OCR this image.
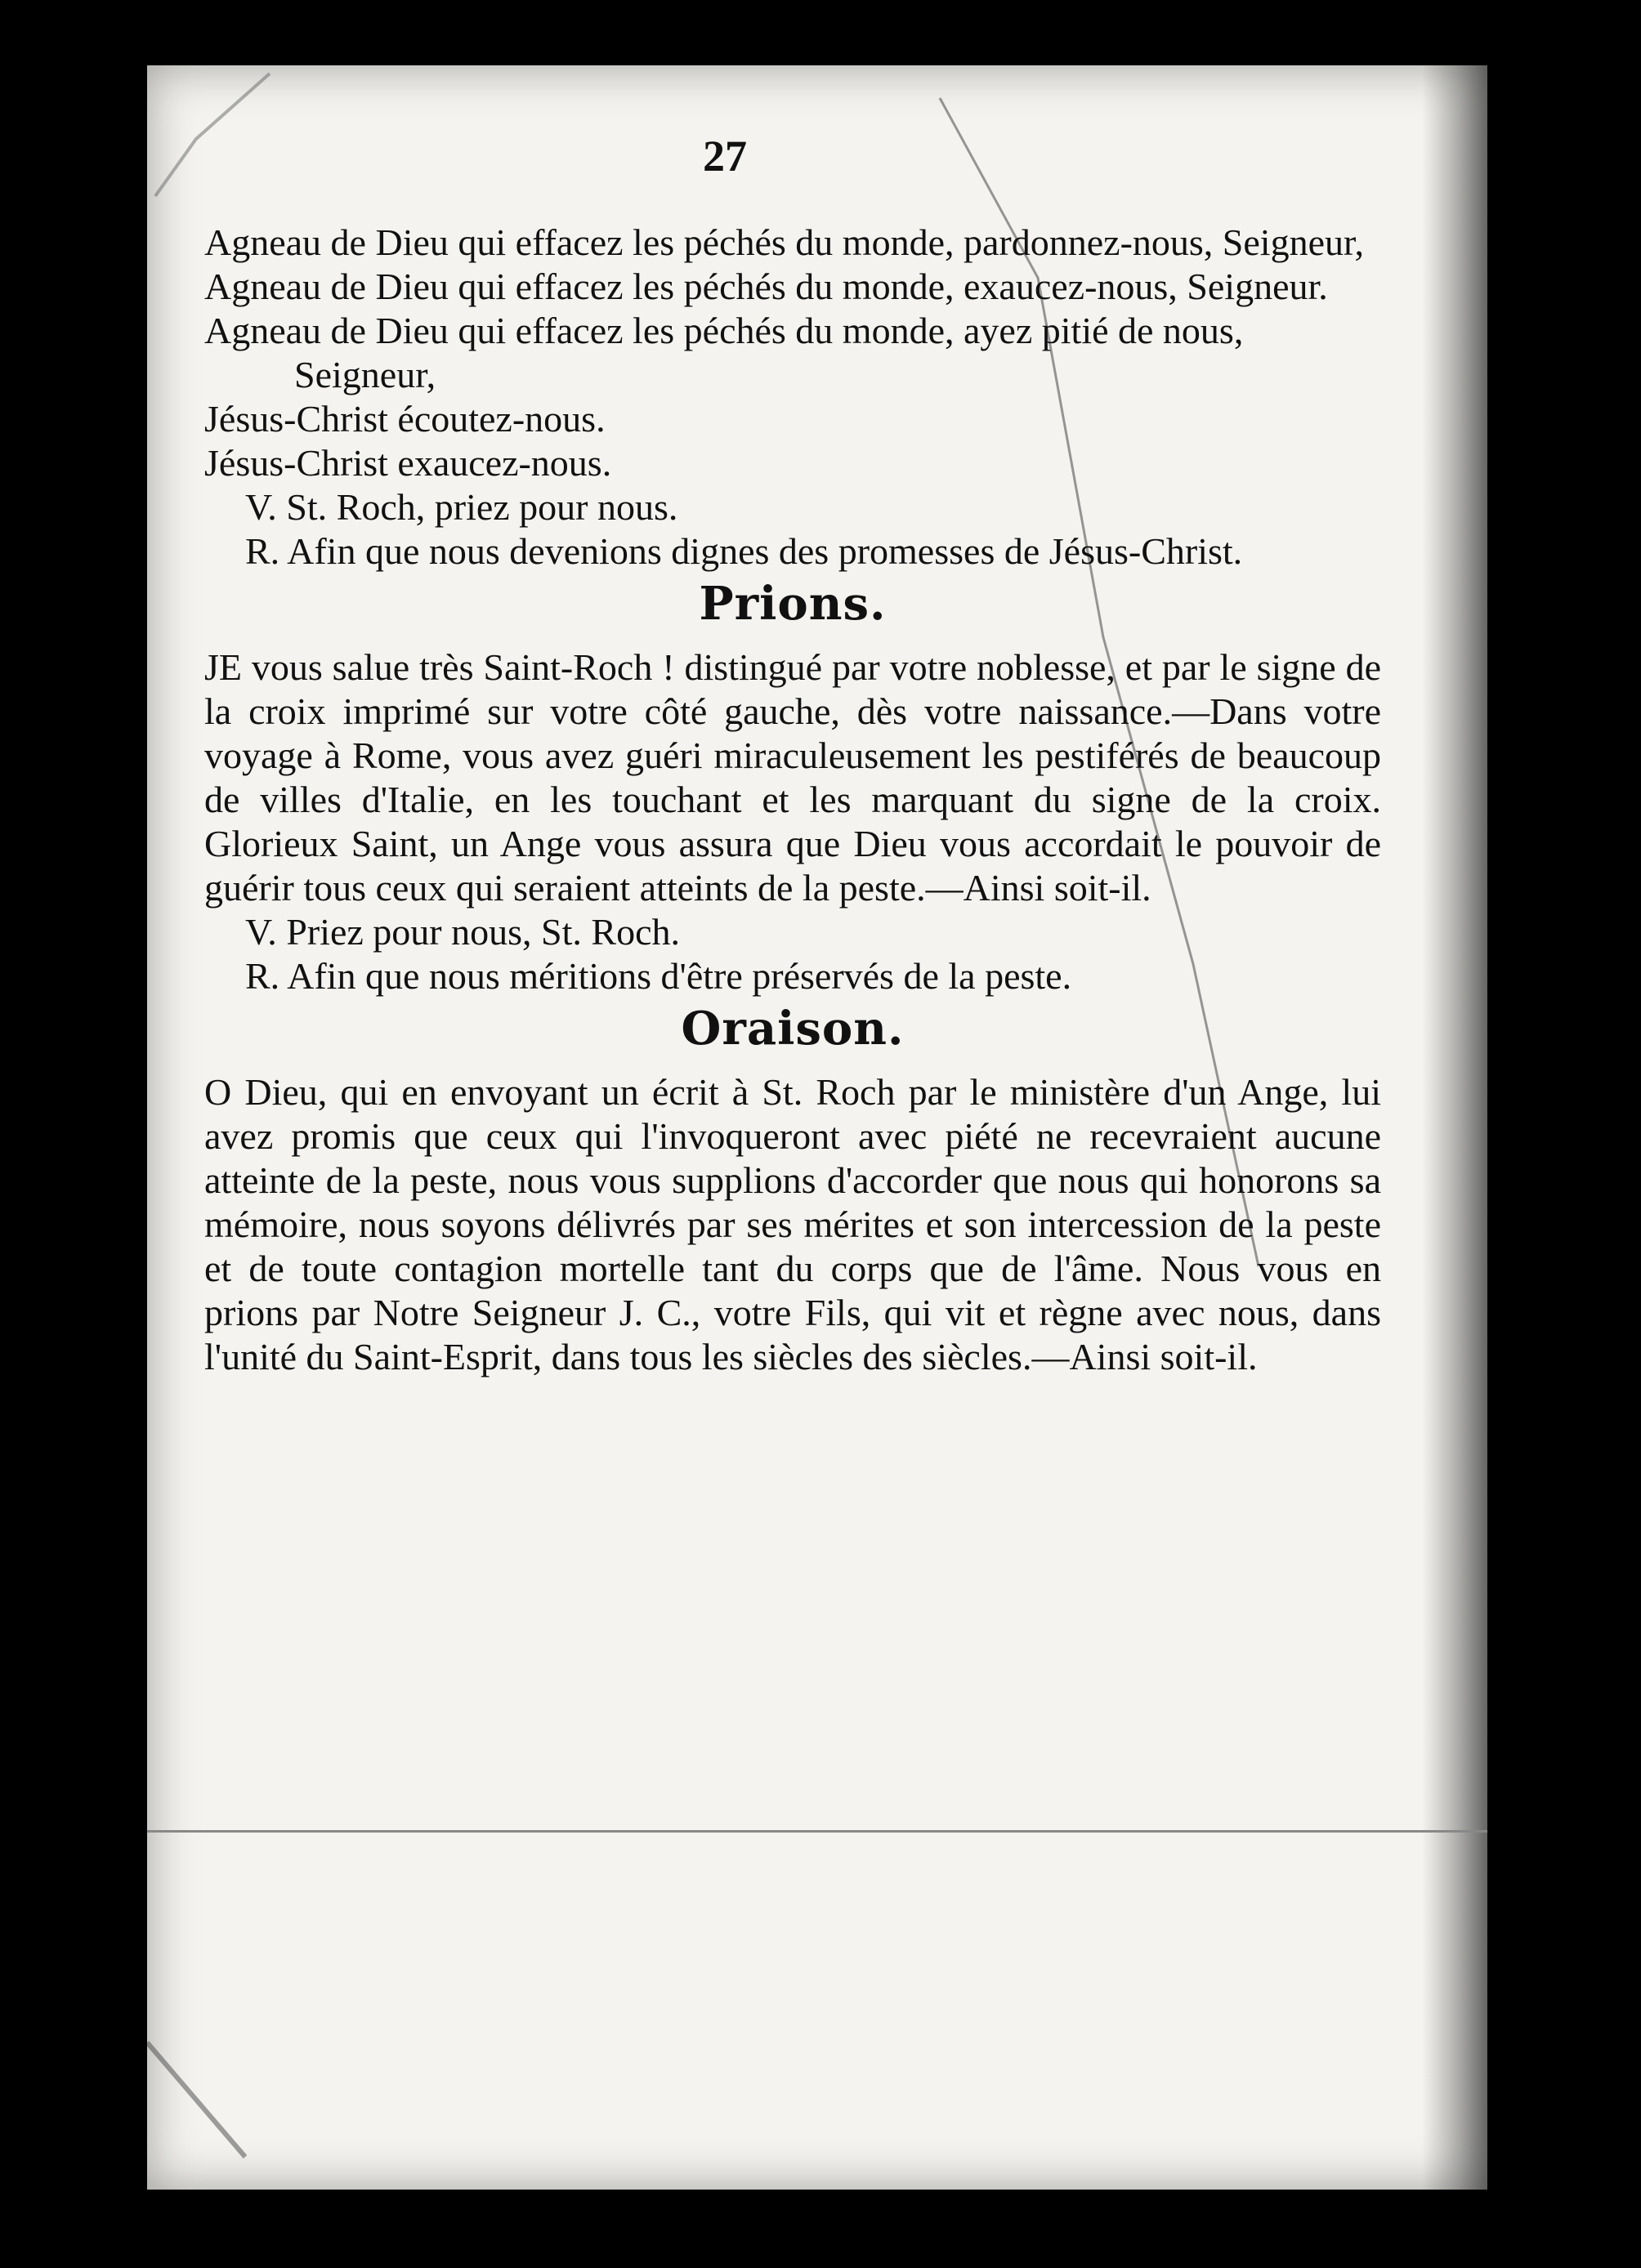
27

Agneau de Dieu qui effacez les péchés du monde, pardonnez-nous, Seigneur,

Agneau de Dieu qui effacez les péchés du monde, exaucez-nous, Seigneur.

Agneau de Dieu qui effacez les péchés du monde, ayez pitié de nous, Seigneur,

Jésus-Christ écoutez-nous.

Jésus-Christ exaucez-nous.

V. St. Roch, priez pour nous.

R. Afin que nous devenions dignes des promesses de Jésus-Christ.

Prions.

JE vous salue très Saint-Roch ! distingué par votre noblesse, et par le signe de la croix imprimé sur votre côté gauche, dès votre naissance.—Dans votre voyage à Rome, vous avez guéri miraculeusement les pestiférés de beaucoup de villes d'Italie, en les touchant et les marquant du signe de la croix. Glorieux Saint, un Ange vous assura que Dieu vous accordait le pouvoir de guérir tous ceux qui seraient atteints de la peste.—Ainsi soit-il.

V. Priez pour nous, St. Roch.

R. Afin que nous méritions d'être préservés de la peste.

Oraison.

O Dieu, qui en envoyant un écrit à St. Roch par le ministère d'un Ange, lui avez promis que ceux qui l'invoqueront avec piété ne recevraient aucune atteinte de la peste, nous vous supplions d'accorder que nous qui honorons sa mémoire, nous soyons délivrés par ses mérites et son intercession de la peste et de toute contagion mortelle tant du corps que de l'âme. Nous vous en prions par Notre Seigneur J. C., votre Fils, qui vit et règne avec nous, dans l'unité du Saint-Esprit, dans tous les siècles des siècles.—Ainsi soit-il.
